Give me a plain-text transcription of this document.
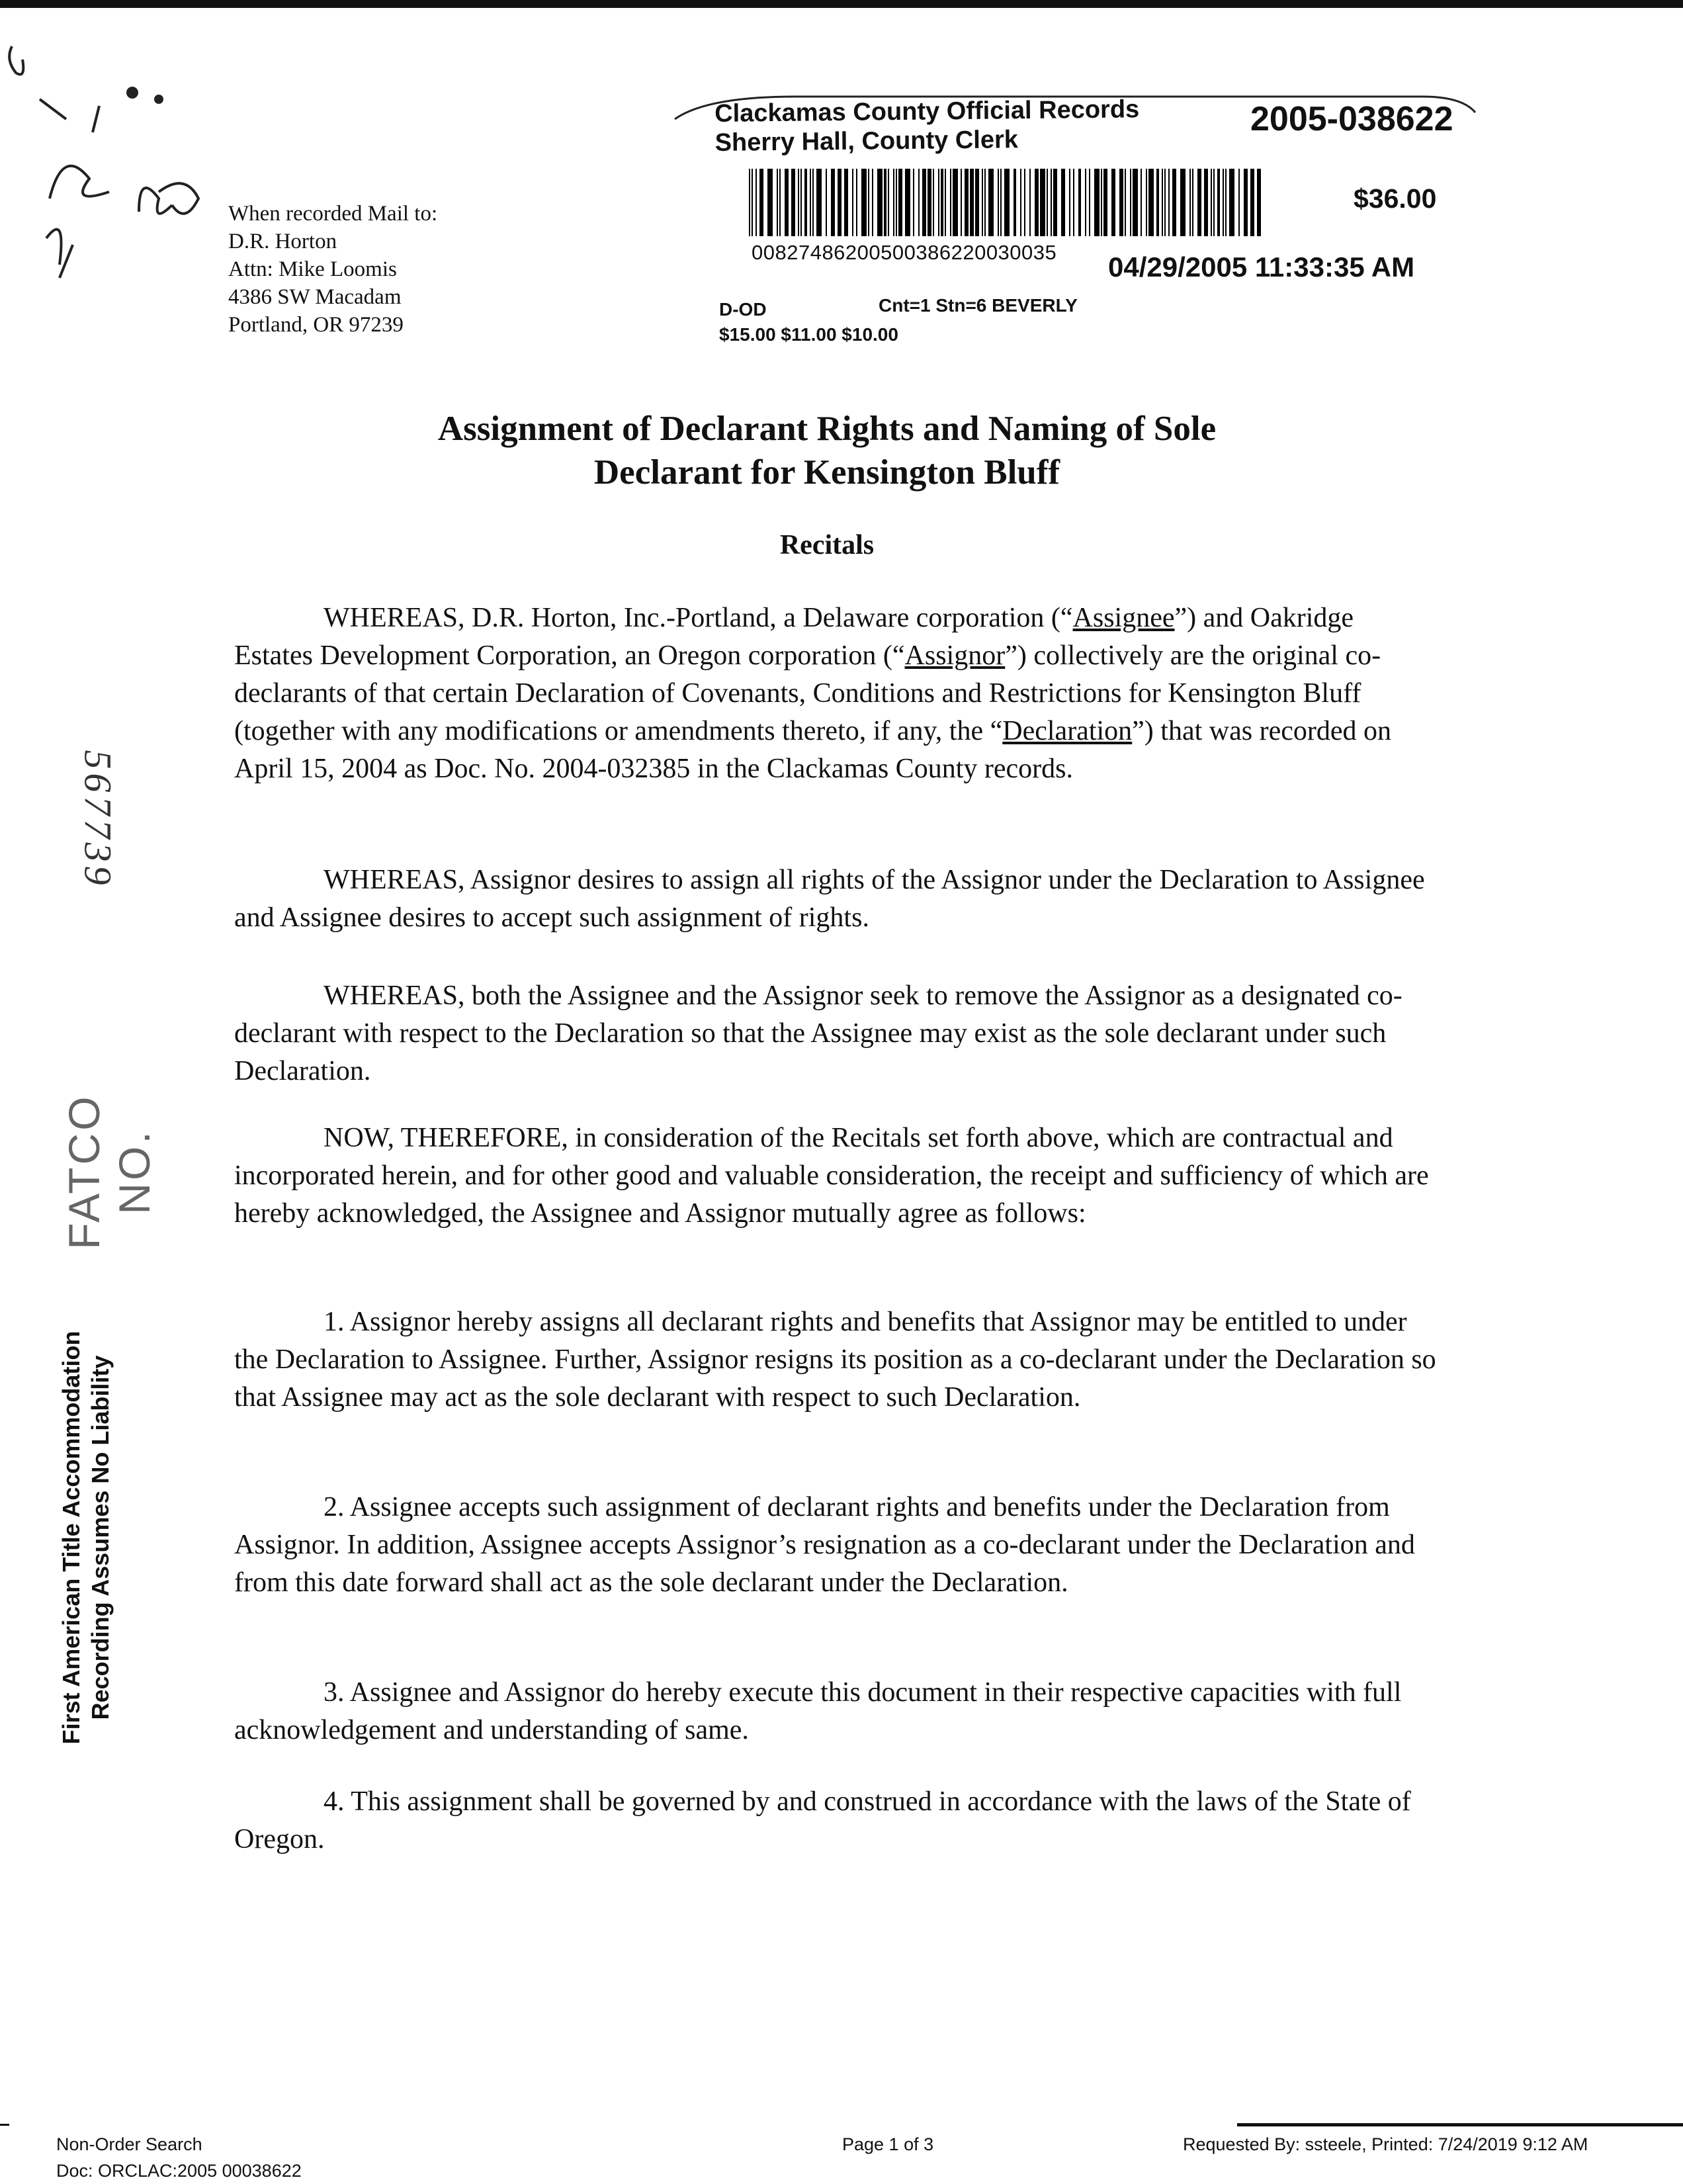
When recorded Mail to:
D.R. Horton
Attn: Mike Loomis
4386 SW Macadam
Portland, OR 97239
Clackamas County Official Records
Sherry Hall, County Clerk
2005-038622
$36.00
00827486200500386220030035 04/29/2005 11:33:35 AM
D-OD	Cnt=1 Stn=6 BEVERLY
$15.00 $11.00 $10.00
Assignment of Declarant Rights and Naming of Sole
Declarant for Kensington Bluff
Recitals

WHEREAS, D.R. Horton, Inc.-Portland, a Delaware corporation (“Assignee”) and Oakridge Estates Development Corporation, an Oregon corporation (“Assignor”) collectively are the original co-declarants of that certain Declaration of Covenants, Conditions and Restrictions for Kensington Bluff (together with any modifications or amendments thereto, if any, the “Declaration”) that was recorded on April 15, 2004 as Doc. No. 2004-032385 in the Clackamas County records.

WHEREAS, Assignor desires to assign all rights of the Assignor under the Declaration to Assignee and Assignee desires to accept such assignment of rights.

WHEREAS, both the Assignee and the Assignor seek to remove the Assignor as a designated co-declarant with respect to the Declaration so that the Assignee may exist as the sole declarant under such Declaration.

NOW, THEREFORE, in consideration of the Recitals set forth above, which are contractual and incorporated herein, and for other good and valuable consideration, the receipt and sufficiency of which are hereby acknowledged, the Assignee and Assignor mutually agree as follows:

1. Assignor hereby assigns all declarant rights and benefits that Assignor may be entitled to under the Declaration to Assignee. Further, Assignor resigns its position as a co-declarant under the Declaration so that Assignee may act as the sole declarant with respect to such Declaration.

2. Assignee accepts such assignment of declarant rights and benefits under the Declaration from Assignor. In addition, Assignee accepts Assignor’s resignation as a co-declarant under the Declaration and from this date forward shall act as the sole declarant under the Declaration.

3. Assignee and Assignor do hereby execute this document in their respective capacities with full acknowledgement and understanding of same.

4. This assignment shall be governed by and construed in accordance with the laws of the State of Oregon.

567739
FATCO NO.
First American Title Accommodation Recording Assumes No Liability
Non-Order Search
Doc: ORCLAC:2005 00038622
Page 1 of 3	Requested By: ssteele, Printed: 7/24/2019 9:12 AM
